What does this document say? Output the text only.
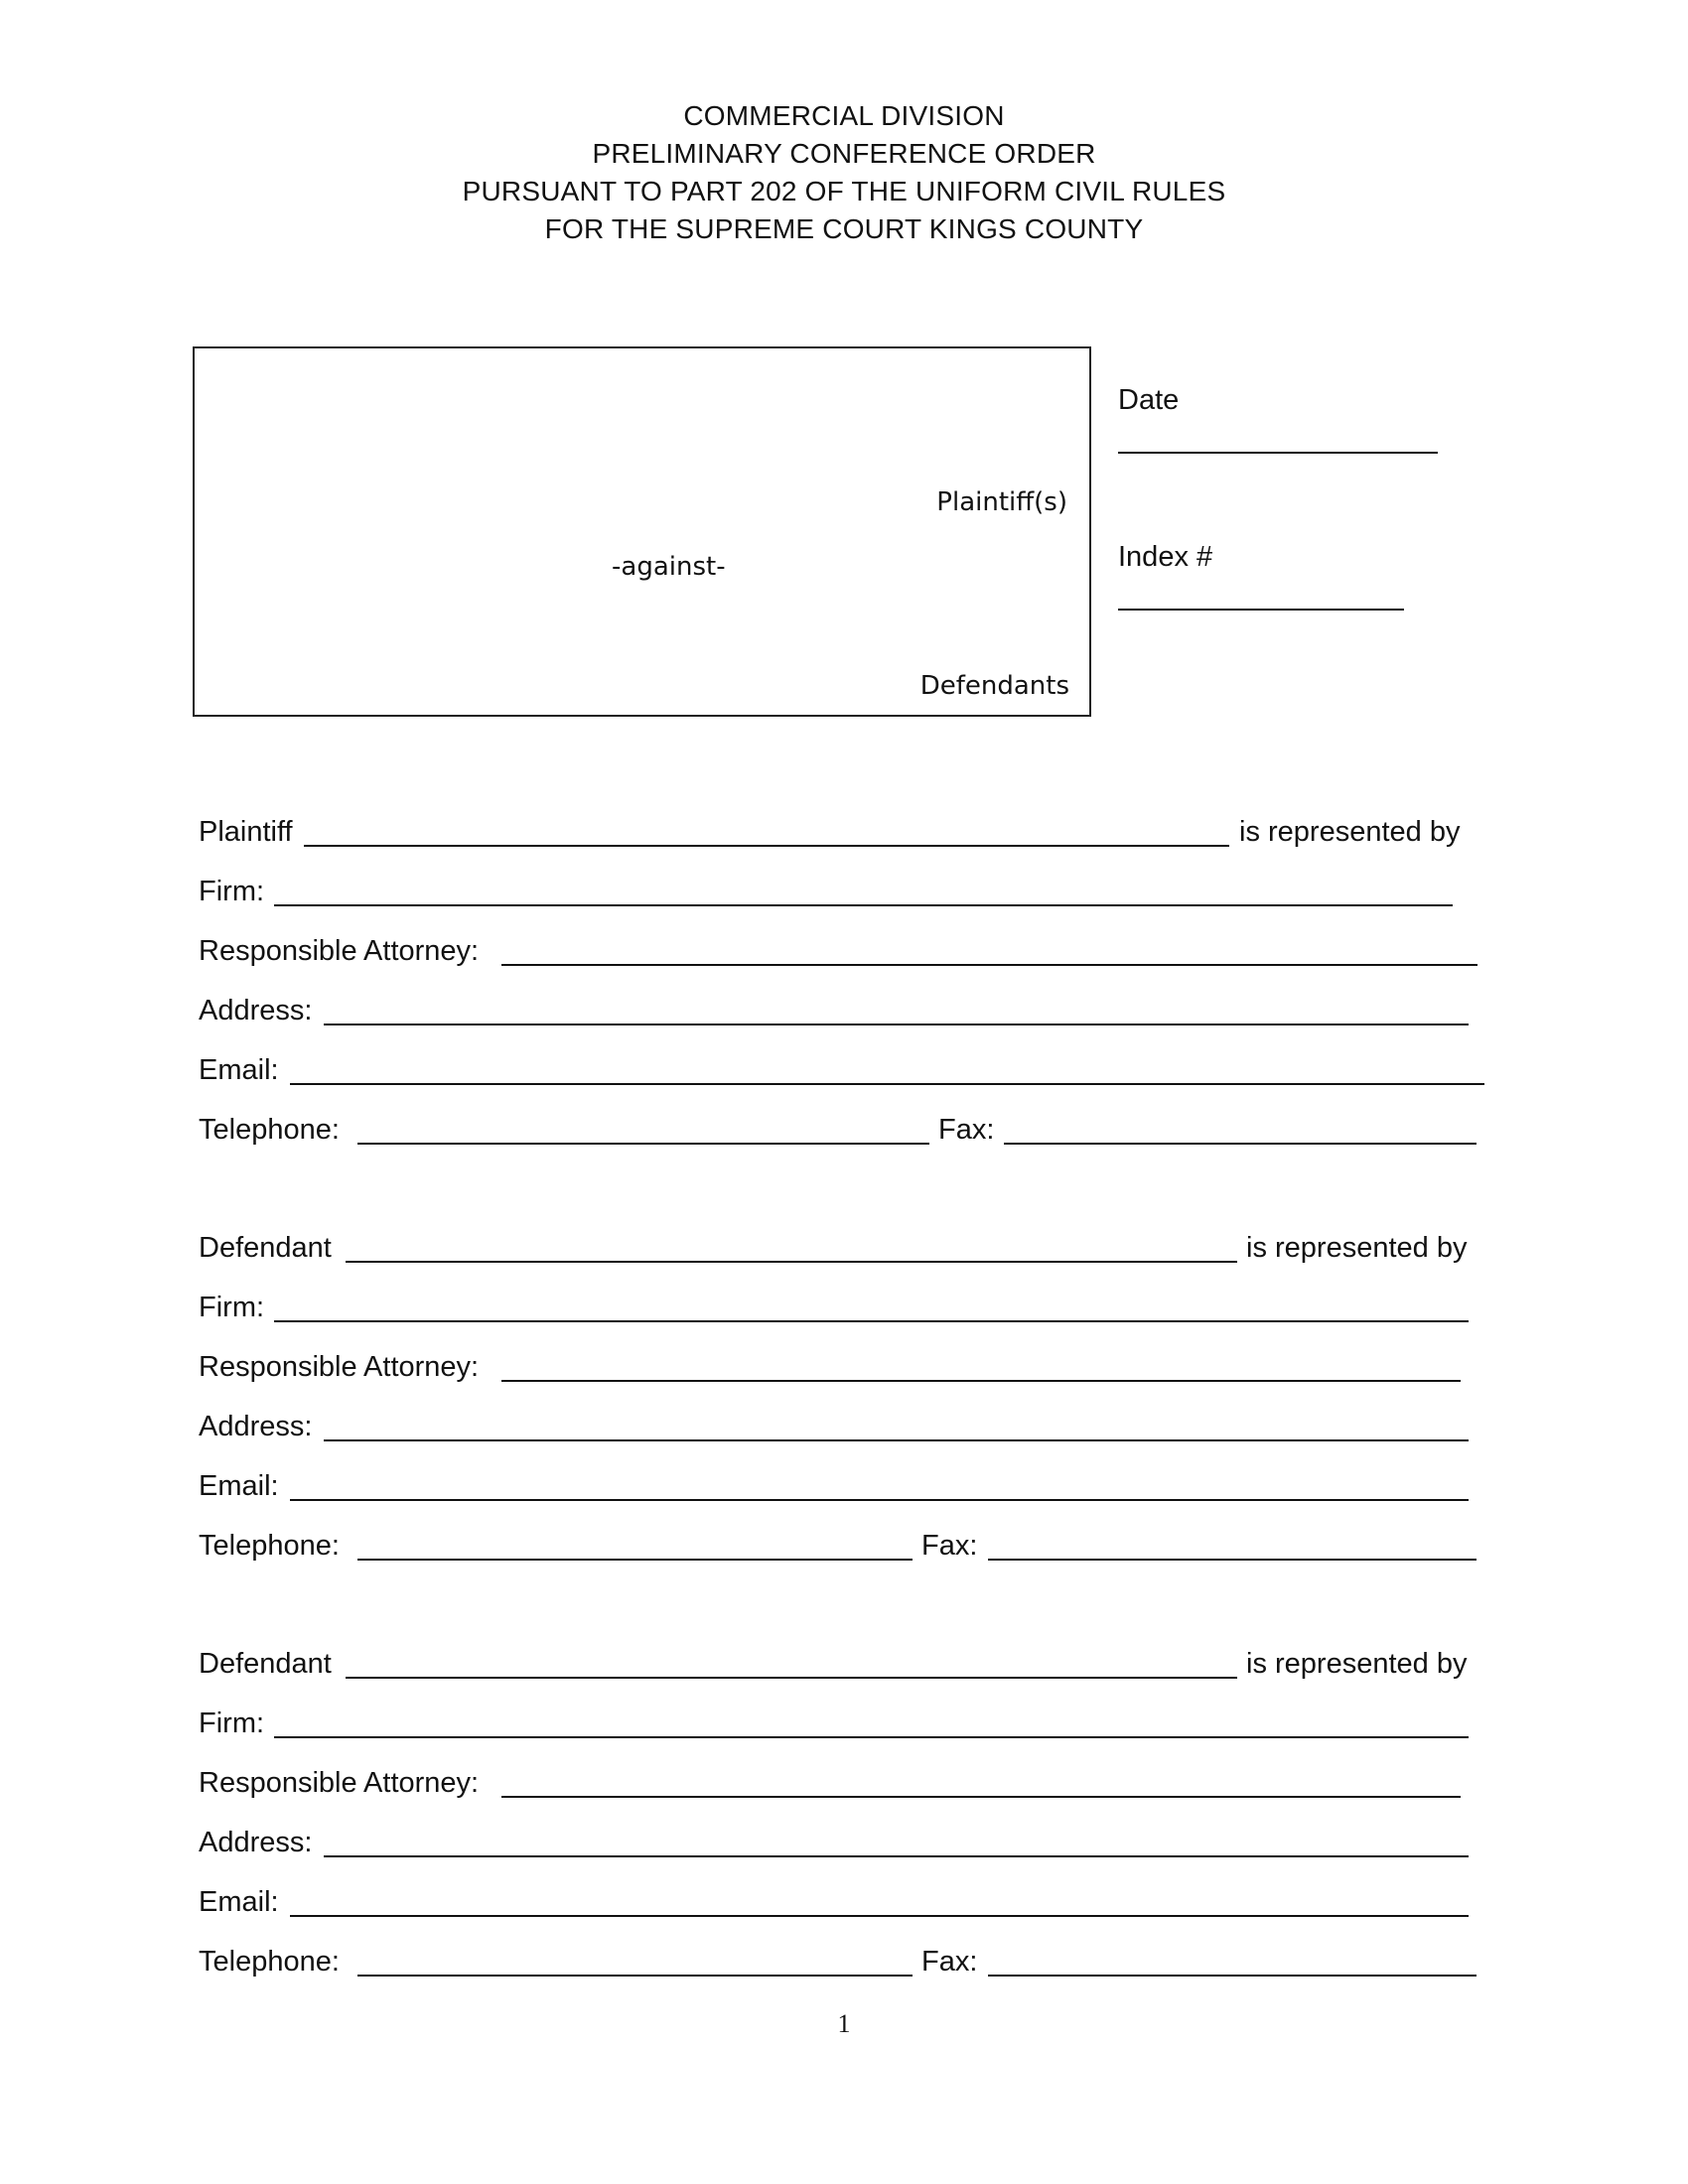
COMMERCIAL DIVISION
PRELIMINARY CONFERENCE ORDER
PURSUANT TO PART 202 OF THE UNIFORM CIVIL RULES
FOR THE SUPREME COURT KINGS COUNTY
Plaintiff(s)
-against-
Defendants
Date
Index #
Plaintiff	is represented by
Firm:
Responsible Attorney:
Address:
Email:
Telephone:	Fax:
Defendant	is represented by
Firm:
Responsible Attorney:
Address:
Email:
Telephone:	Fax:
Defendant	is represented by
Firm:
Responsible Attorney:
Address:
Email:
Telephone:	Fax:
1
